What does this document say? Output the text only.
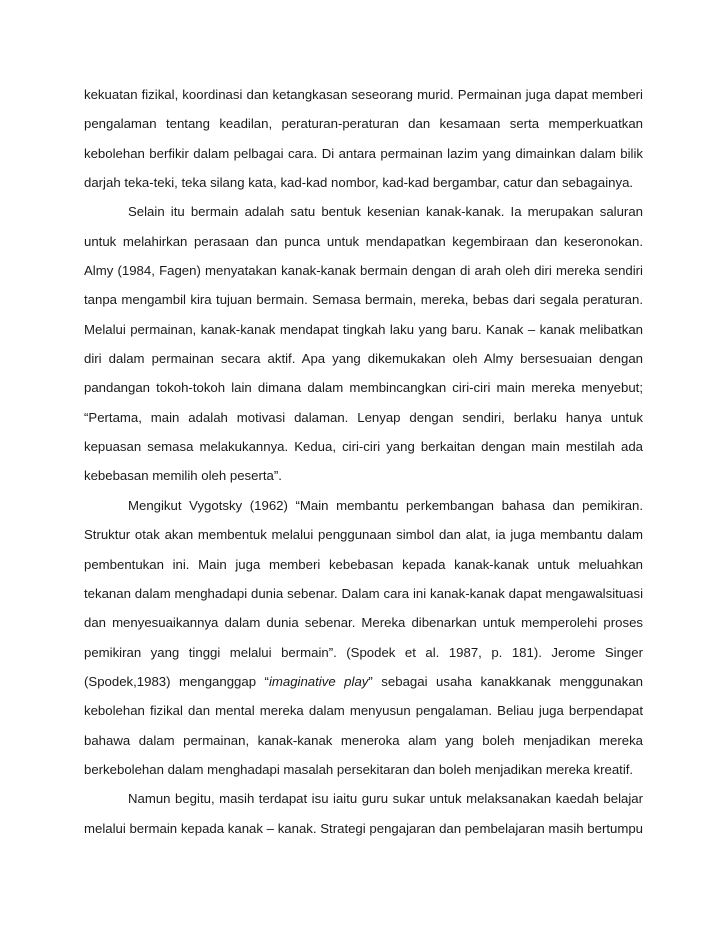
kekuatan fizikal, koordinasi dan ketangkasan seseorang murid. Permainan juga dapat memberi
pengalaman tentang keadilan, peraturan-peraturan dan kesamaan serta memperkuatkan
kebolehan berfikir dalam pelbagai cara. Di antara permainan lazim yang dimainkan dalam bilik
darjah teka-teki, teka silang kata, kad-kad nombor, kad-kad bergambar, catur dan sebagainya.
Selain itu bermain adalah satu bentuk kesenian kanak-kanak. Ia merupakan saluran
untuk melahirkan perasaan dan punca untuk mendapatkan kegembiraan dan keseronokan.
Almy (1984, Fagen) menyatakan kanak-kanak bermain dengan di arah oleh diri mereka sendiri
tanpa mengambil kira tujuan bermain. Semasa bermain, mereka, bebas dari segala peraturan.
Melalui permainan, kanak-kanak mendapat tingkah laku yang baru. Kanak – kanak melibatkan
diri dalam permainan secara aktif. Apa yang dikemukakan oleh Almy bersesuaian dengan
pandangan tokoh-tokoh lain dimana dalam membincangkan ciri-ciri main mereka menyebut;
“Pertama, main adalah motivasi dalaman. Lenyap dengan sendiri, berlaku hanya untuk
kepuasan semasa melakukannya. Kedua, ciri-ciri yang berkaitan dengan main mestilah ada
kebebasan memilih oleh peserta”.
Mengikut Vygotsky (1962) “Main membantu perkembangan bahasa dan pemikiran.
Struktur otak akan membentuk melalui penggunaan simbol dan alat, ia juga membantu dalam
pembentukan ini. Main juga memberi kebebasan kepada kanak-kanak untuk meluahkan
tekanan dalam menghadapi dunia sebenar. Dalam cara ini kanak-kanak dapat mengawalsituasi
dan menyesuaikannya dalam dunia sebenar. Mereka dibenarkan untuk memperolehi proses
pemikiran yang tinggi melalui bermain”. (Spodek et al. 1987, p. 181). Jerome Singer
(Spodek,1983) menganggap “imaginative play” sebagai usaha kanakkanak menggunakan
kebolehan fizikal dan mental mereka dalam menyusun pengalaman. Beliau juga berpendapat
bahawa dalam permainan, kanak-kanak meneroka alam yang boleh menjadikan mereka
berkebolehan dalam menghadapi masalah persekitaran dan boleh menjadikan mereka kreatif.
Namun begitu, masih terdapat isu iaitu guru sukar untuk melaksanakan kaedah belajar
melalui bermain kepada kanak – kanak. Strategi pengajaran dan pembelajaran masih bertumpu
